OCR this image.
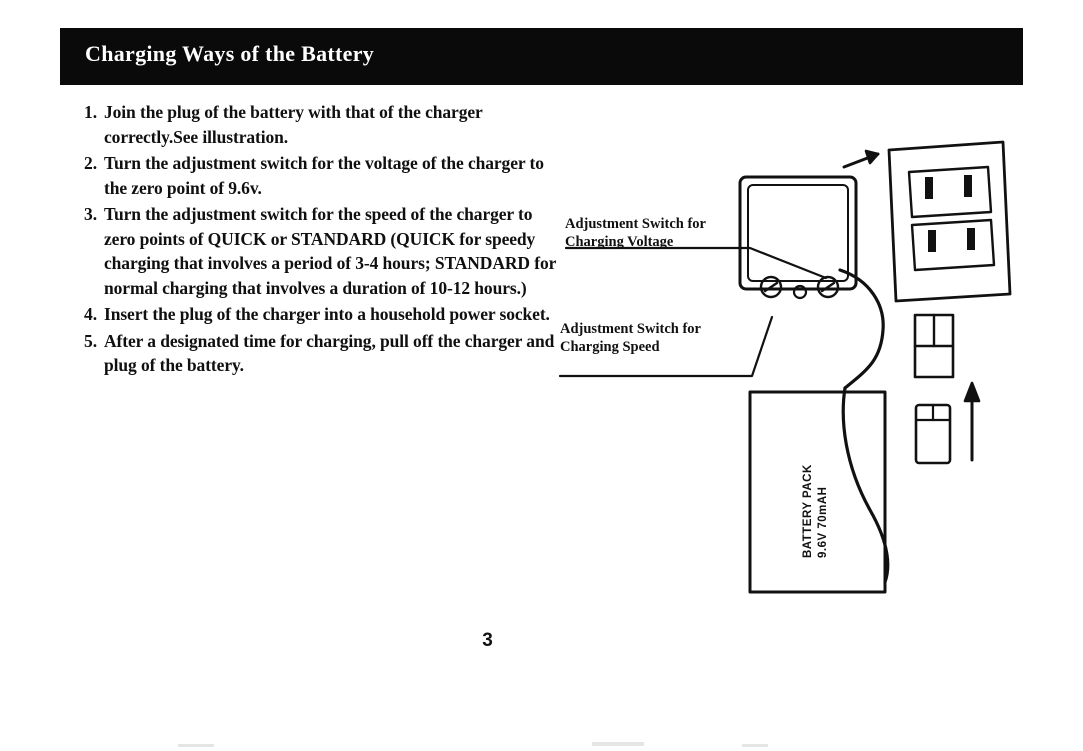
Charging Ways of the Battery
1. Join the plug of the battery with that of the charger correctly.See illustration.
2. Turn the adjustment switch for the voltage of the charger to the zero point of 9.6v.
3. Turn the adjustment switch for the speed of the charger to zero points of QUICK or STANDARD (QUICK for speedy charging that involves a period of 3-4 hours; STANDARD for normal charging that involves a duration of 10-12 hours.)
4. Insert the plug of the charger into a household power socket.
5. After a designated time for charging, pull off the charger and plug of the battery.
Adjustment Switch for
Charging Voltage
Adjustment Switch for
Charging Speed
BATTERY PACK 9.6V 70mAH
3
